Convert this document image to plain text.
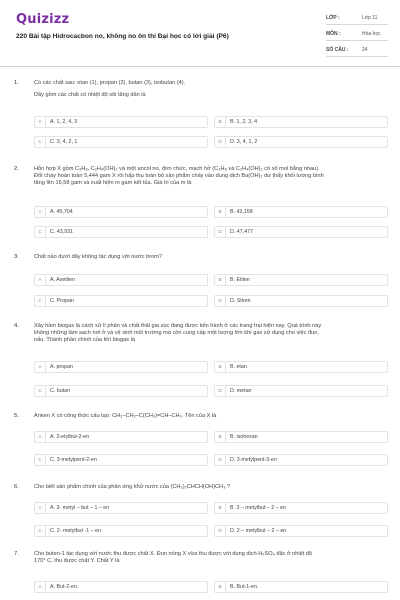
Quizizz
220 Bài tập Hidrocacbon no, không no ôn thi Đại học có lời giải (P6)
LỚP :	Lớp 11
MÔN :	Hóa học
SỐ CÂU :	24
1.	Có các chất sau: etan (1), propan (2), butan (3), isobutan (4).
Dãy gồm các chất có nhiệt độ sôi tăng dần là
A	A. 1, 2, 4, 3	B	B. 1, 2, 3, 4
C	C. 3, 4, 2, 1	D	D. 3, 4, 1, 2
2.	Hỗn hợp X gồm C₃H₈, C₂H₄(OH)₂ và một ancol no, đơn chức, mạch hở (C₃H₈ và C₂H₄(OH)₂ có số mol bằng nhau).
Đốt cháy hoàn toàn 5,444 gam X rồi hấp thụ toàn bộ sản phẩm cháy vào dung dịch Ba(OH)₂ dư thấy khối lượng bình
tăng lên 16,58 gam và xuất hiện m gam kết tủa. Giá trị của m là
A	A. 45,704	B	B. 42,158
C	C. 43,931	D	D. 47,477
3.	Chất nào dưới đây không tác dụng với nước brom?
A	A. Axetilen	B	B. Etilen
C	C. Propan	D	D. Stiren
4.	Xây hầm biogas là cách xử lí phân và chất thải gia súc đang được tiến hành ở các trang trại hiện nay. Quá trình này
không những làm sạch nơi ở và vệ sinh môi trường mà còn cung cấp một lượng lớn khí gas sử dụng cho việc đun,
nấu. Thành phần chính của khí biogas là
A	A. propan	B	B. etan
C	C. butan	D	D. metan
5.	Anken X có công thức cấu tạo: CH₃–CH₂–C(CH₃)=CH–CH₃. Tên của X là
A	A. 2-etylbut-2-en	B	B. isohexan
C	C. 3-metylpent-2-en	D	D. 3-metylpent-3-en
6.	Cho biết sản phẩm chính của phản ứng khử nước của (CH₃)₂CHCH(OH)CH₃ ?
A	A. 3- metyl – but – 1 – en	B	B. 3 – metylbut – 2 – en
C	C. 2- metylbut -1 – en	D	D. 2 – metylbut – 2 – en
7.	Cho buten-1 tác dụng với nước thu được chất X. Đun nóng X vừa thu được với dung dịch H₂SO₄ đặc ở nhiệt độ
170° C, thu được chất Y. Chất Y là
A	A. But-2-en.	B	B. But-1-en.
